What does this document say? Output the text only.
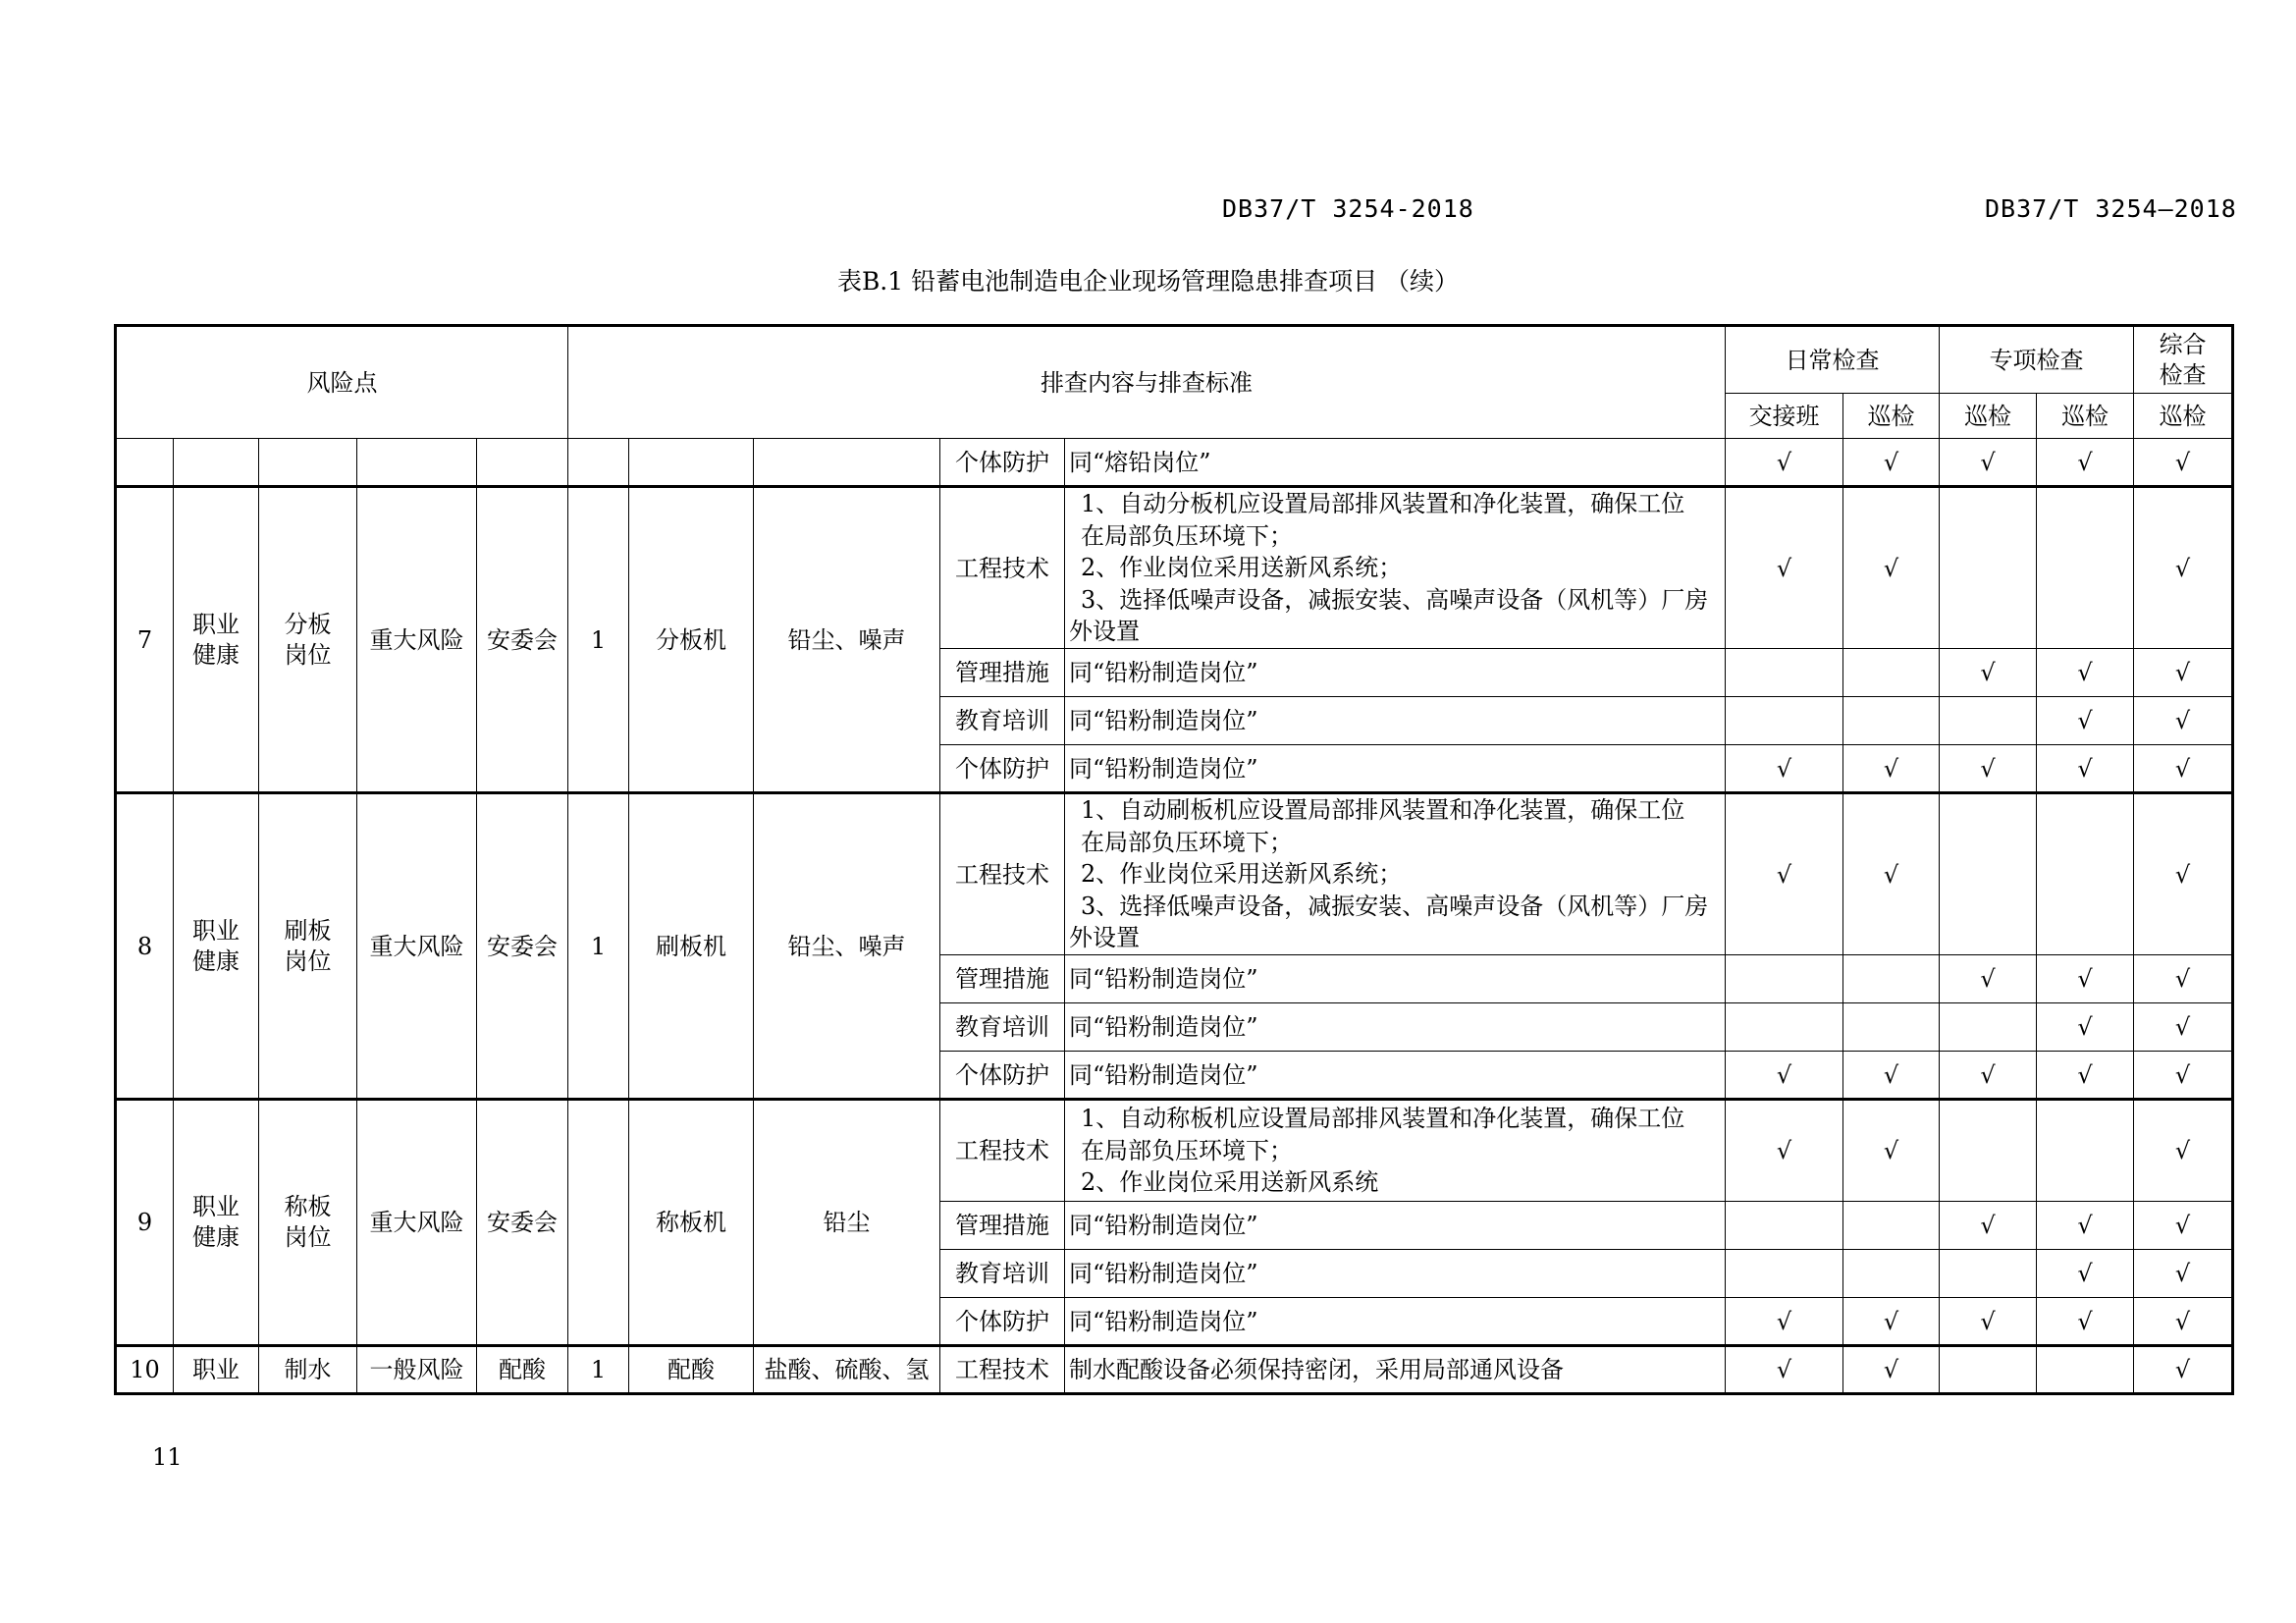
DB37/T 3254-2018	DB37/T 3254—2018
表B.1 铅蓄电池制造电企业现场管理隐患排查项目 （续）
风险点					排查内容与排查标准					日常检查		专项检查		综合检查
										交接班	巡检	巡检	巡检	巡检
								个体防护	同“熔铅岗位”	√	√	√	√	√
7	职业健康	分板岗位	重大风险	安委会	1	分板机	铅尘、噪声	工程技术	1、自动分板机应设置局部排风装置和净化装置，确保工位
在局部负压环境下；
2、作业岗位采用送新风系统；
3、选择低噪声设备，减振安装、高噪声设备（风机等）厂房
外设置	√	√			√
								管理措施	同“铅粉制造岗位”			√	√	√
								教育培训	同“铅粉制造岗位”				√	√
								个体防护	同“铅粉制造岗位”	√	√	√	√	√
8	职业健康	刷板岗位	重大风险	安委会	1	刷板机	铅尘、噪声	工程技术	1、自动刷板机应设置局部排风装置和净化装置，确保工位
在局部负压环境下；
2、作业岗位采用送新风系统；
3、选择低噪声设备，减振安装、高噪声设备（风机等）厂房
外设置	√	√			√
								管理措施	同“铅粉制造岗位”			√	√	√
								教育培训	同“铅粉制造岗位”				√	√
								个体防护	同“铅粉制造岗位”	√	√	√	√	√
9	职业健康	称板岗位	重大风险	安委会		称板机	铅尘	工程技术	1、自动称板机应设置局部排风装置和净化装置，确保工位
在局部负压环境下；
2、作业岗位采用送新风系统	√	√			√
								管理措施	同“铅粉制造岗位”			√	√	√
								教育培训	同“铅粉制造岗位”				√	√
								个体防护	同“铅粉制造岗位”	√	√	√	√	√
10	职业	制水	一般风险	配酸	1	配酸	盐酸、硫酸、氢	工程技术	制水配酸设备必须保持密闭，采用局部通风设备	√	√			√
11
